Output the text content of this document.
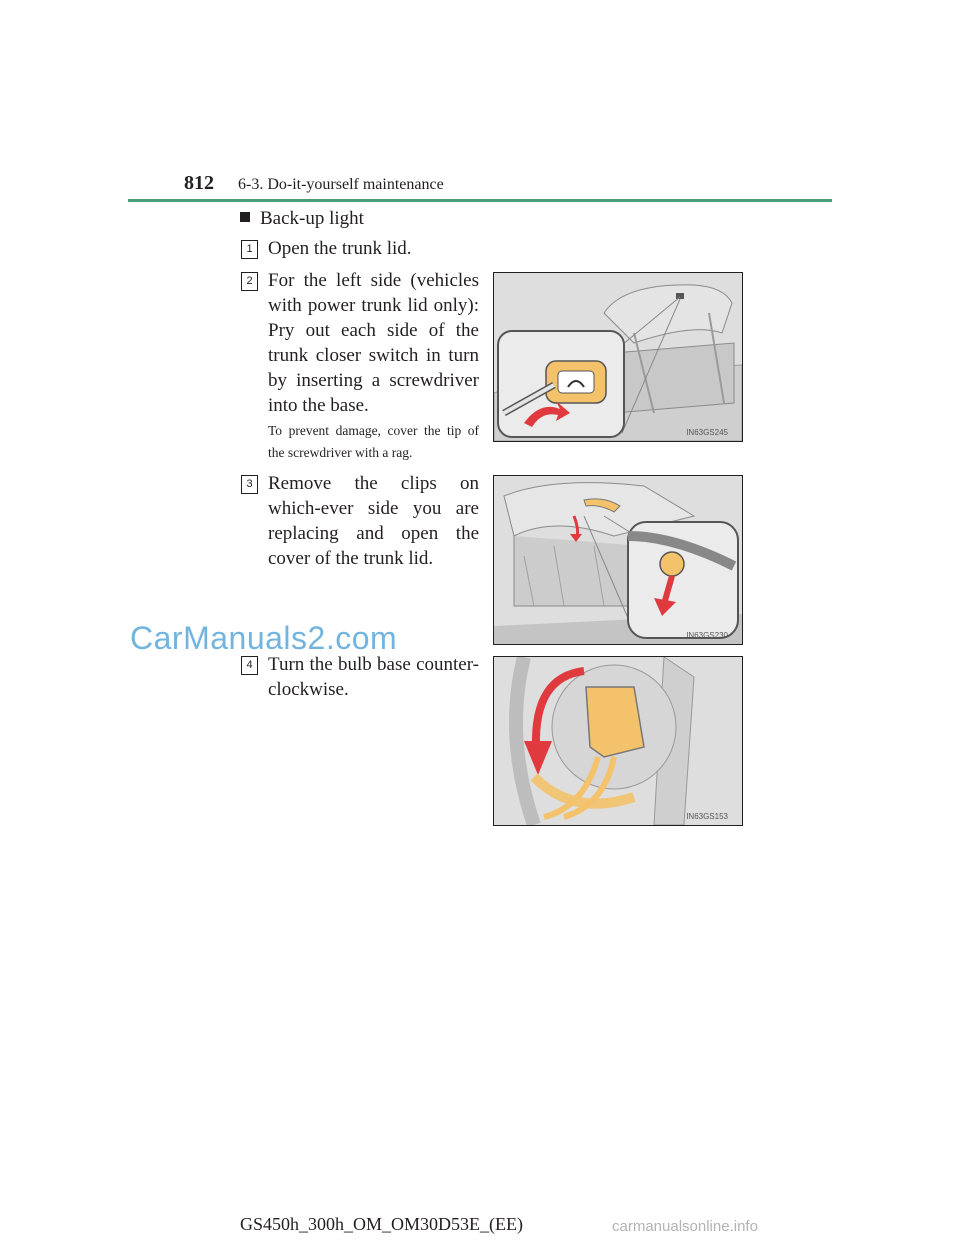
812 6-3. Do-it-yourself maintenance
Back-up light
1 Open the trunk lid.
2 For the left side (vehicles with power trunk lid only): Pry out each side of the trunk closer switch in turn by inserting a screwdriver into the base.
To prevent damage, cover the tip of the screwdriver with a rag.
IN63GS245
3 Remove the clips on which-ever side you are replacing and open the cover of the trunk lid.
IN63GS230
4 Turn the bulb base counter-clockwise.
IN63GS153
CarManuals2.com
carmanualsonline.info
GS450h_300h_OM_OM30D53E_(EE)
